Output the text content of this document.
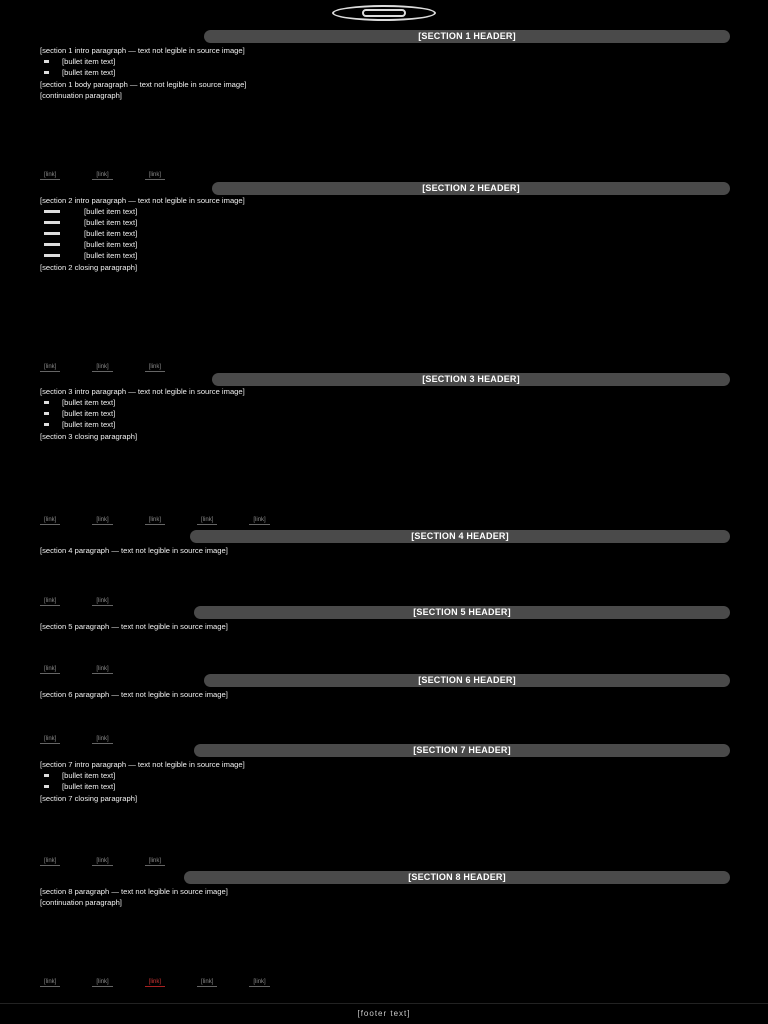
[SECTION 1 HEADER]

[section 1 intro paragraph — text not legible in source image]

[bullet item text]
[bullet item text]

[section 1 body paragraph — text not legible in source image]

[continuation paragraph]

[link]	[link]	[link]
[SECTION 2 HEADER]

[section 2 intro paragraph — text not legible in source image]

[bullet item text]
[bullet item text]
[bullet item text]
[bullet item text]
[bullet item text]

[section 2 closing paragraph]

[link]	[link]	[link]
[SECTION 3 HEADER]

[section 3 intro paragraph — text not legible in source image]

[bullet item text]
[bullet item text]
[bullet item text]

[section 3 closing paragraph]

[link]	[link]	[link]	[link]	[link]
[SECTION 4 HEADER]

[section 4 paragraph — text not legible in source image]

[link]	[link]
[SECTION 5 HEADER]

[section 5 paragraph — text not legible in source image]

[link]	[link]
[SECTION 6 HEADER]

[section 6 paragraph — text not legible in source image]

[link]	[link]
[SECTION 7 HEADER]

[section 7 intro paragraph — text not legible in source image]

[bullet item text]
[bullet item text]

[section 7 closing paragraph]

[link]	[link]	[link]
[SECTION 8 HEADER]

[section 8 paragraph — text not legible in source image]

[continuation paragraph]

[link]	[link]	[link]	[link]	[link]
[footer text]
